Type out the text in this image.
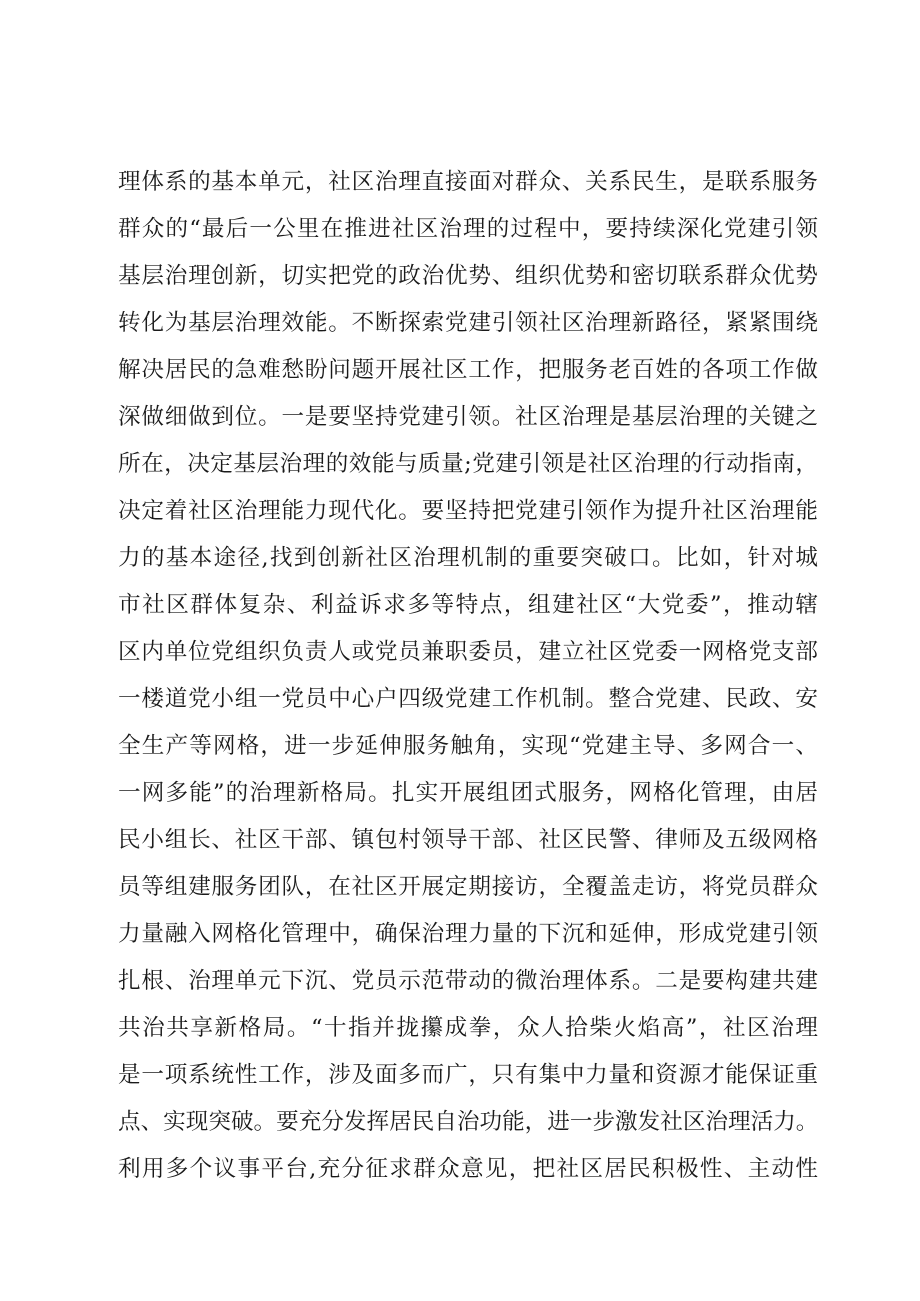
理体系的基本单元，社区治理直接面对群众、关系民生，是联系服务
群众的“最后一公里在推进社区治理的过程中，要持续深化党建引领
基层治理创新，切实把党的政治优势、组织优势和密切联系群众优势
转化为基层治理效能。不断探索党建引领社区治理新路径，紧紧围绕
解决居民的急难愁盼问题开展社区工作，把服务老百姓的各项工作做
深做细做到位。一是要坚持党建引领。社区治理是基层治理的关键之
所在，决定基层治理的效能与质量;党建引领是社区治理的行动指南，
决定着社区治理能力现代化。要坚持把党建引领作为提升社区治理能
力的基本途径,找到创新社区治理机制的重要突破口。比如，针对城
市社区群体复杂、利益诉求多等特点，组建社区“大党委”，推动辖
区内单位党组织负责人或党员兼职委员，建立社区党委一网格党支部
一楼道党小组一党员中心户四级党建工作机制。整合党建、民政、安
全生产等网格，进一步延伸服务触角，实现“党建主导、多网合一、
一网多能”的治理新格局。扎实开展组团式服务，网格化管理，由居
民小组长、社区干部、镇包村领导干部、社区民警、律师及五级网格
员等组建服务团队，在社区开展定期接访，全覆盖走访，将党员群众
力量融入网格化管理中，确保治理力量的下沉和延伸，形成党建引领
扎根、治理单元下沉、党员示范带动的微治理体系。二是要构建共建
共治共享新格局。“十指并拢攥成拳，众人拾柴火焰高”，社区治理
是一项系统性工作，涉及面多而广，只有集中力量和资源才能保证重
点、实现突破。要充分发挥居民自治功能，进一步激发社区治理活力。
利用多个议事平台,充分征求群众意见，把社区居民积极性、主动性
